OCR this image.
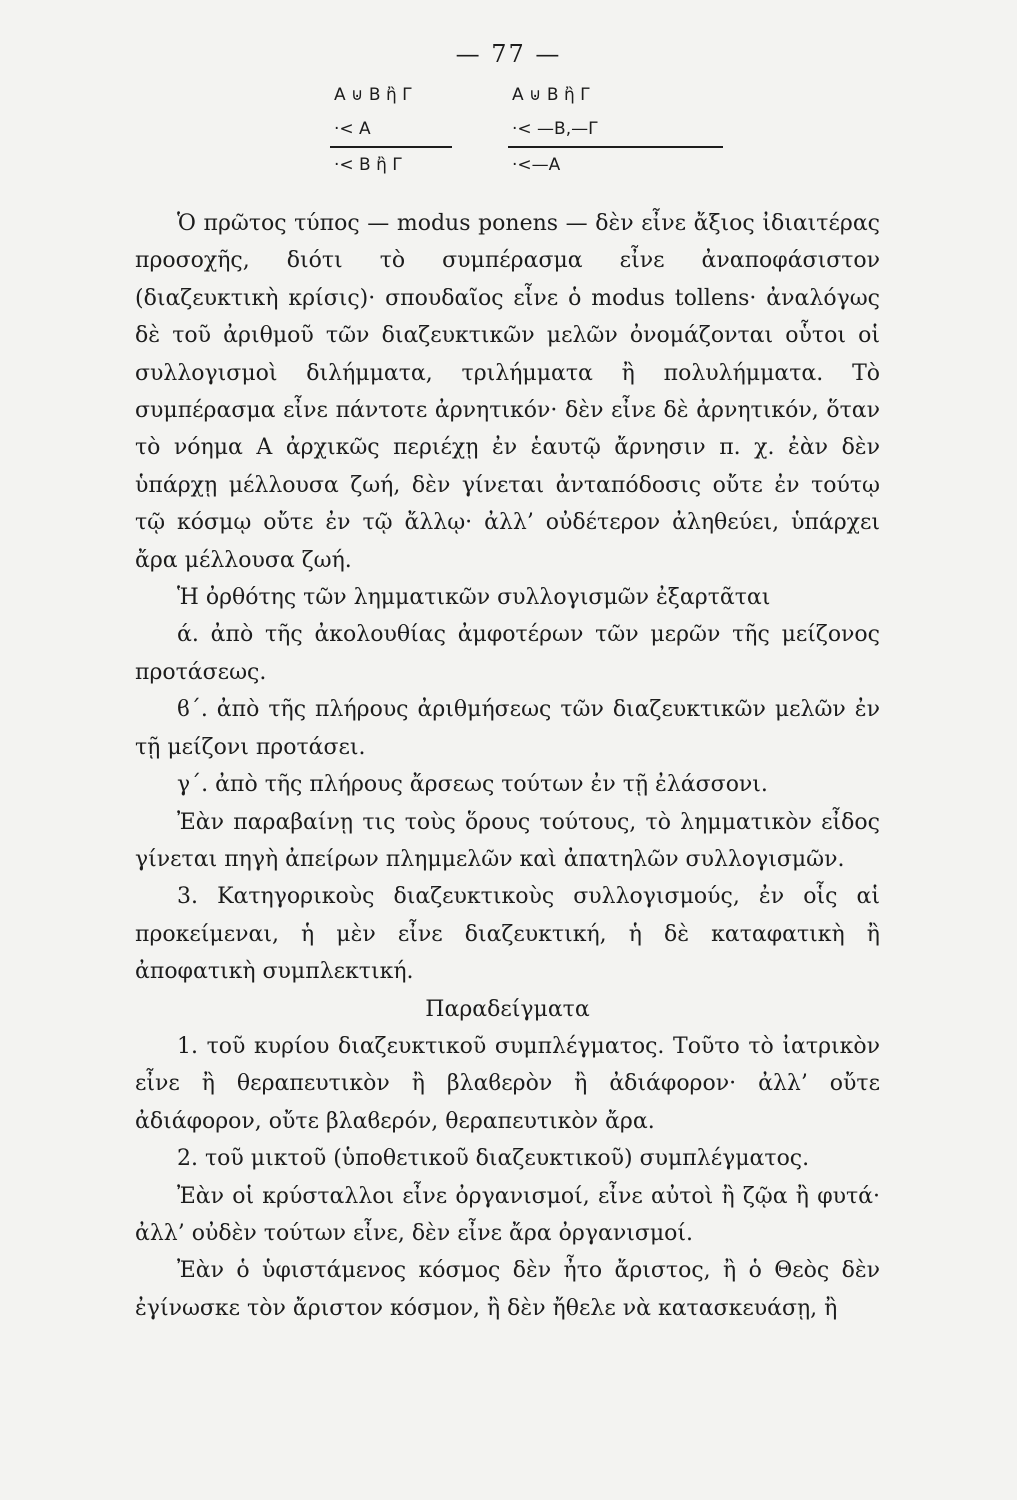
— 77 —
A ⊍ B ἢ Γ
·< A
·< B ἢ Γ
A ⊍ B ἢ Γ
·< —B,—Γ
·<—A

Ὁ πρῶτος τύπος — modus ponens — δὲν εἶνε ἄξιος ἰδιαιτέρας προσοχῆς, διότι τὸ συμπέρασμα εἶνε ἀναποφάσιστον (διαζευκτικὴ κρίσις)· σπουδαῖος εἶνε ὁ modus tollens· ἀναλόγως δὲ τοῦ ἀριθμοῦ τῶν διαζευκτικῶν μελῶν ὀνομάζονται οὗτοι οἱ συλλογισμοὶ διλήμματα, τριλήμματα ἢ πολυλήμματα. Τὸ συμπέρασμα εἶνε πάντοτε ἀρνητικόν· δὲν εἶνε δὲ ἀρνητικόν, ὅταν τὸ νόημα A ἀρχικῶς περιέχῃ ἐν ἑαυτῷ ἄρνησιν π. χ. ἐὰν δὲν ὑπάρχῃ μέλλουσα ζωή, δὲν γίνεται ἀνταπόδοσις οὔτε ἐν τούτῳ τῷ κόσμῳ οὔτε ἐν τῷ ἄλλῳ· ἀλλ’ οὐδέτερον ἀληθεύει, ὑπάρχει ἄρα μέλλουσα ζωή.

Ἡ ὀρθότης τῶν λημματικῶν συλλογισμῶν ἐξαρτᾶται

ά. ἀπὸ τῆς ἀκολουθίας ἀμφοτέρων τῶν μερῶν τῆς μείζονος προτάσεως.

ϐ΄. ἀπὸ τῆς πλήρους ἀριθμήσεως τῶν διαζευκτικῶν μελῶν ἐν τῇ μείζονι προτάσει.

γ΄. ἀπὸ τῆς πλήρους ἄρσεως τούτων ἐν τῇ ἐλάσσονι.

Ἐὰν παραβαίνῃ τις τοὺς ὅρους τούτους, τὸ λημματικὸν εἶδος γίνεται πηγὴ ἀπείρων πλημμελῶν καὶ ἀπατηλῶν συλλογισμῶν.

3. Κατηγορικοὺς διαζευκτικοὺς συλλογισμούς, ἐν οἷς αἱ προκείμεναι, ἡ μὲν εἶνε διαζευκτική, ἡ δὲ καταφατικὴ ἢ ἀποφατικὴ συμπλεκτική.

Παραδείγματα

1. τοῦ κυρίου διαζευκτικοῦ συμπλέγματος. Τοῦτο τὸ ἰατρικὸν εἶνε ἢ θεραπευτικὸν ἢ βλαϐερὸν ἢ ἀδιάφορον· ἀλλ’ οὔτε ἀδιάφορον, οὔτε βλαϐερόν, θεραπευτικὸν ἄρα.

2. τοῦ μικτοῦ (ὑποθετικοῦ διαζευκτικοῦ) συμπλέγματος.

Ἐὰν οἱ κρύσταλλοι εἶνε ὀργανισμοί, εἶνε αὐτοὶ ἢ ζῷα ἢ φυτά· ἀλλ’ οὐδὲν τούτων εἶνε, δὲν εἶνε ἄρα ὀργανισμοί.

Ἐὰν ὁ ὑφιστάμενος κόσμος δὲν ἦτο ἄριστος, ἢ ὁ Θεὸς δὲν ἐγίνωσκε τὸν ἄριστον κόσμον, ἢ δὲν ἤθελε νὰ κατασκευάσῃ, ἢ
